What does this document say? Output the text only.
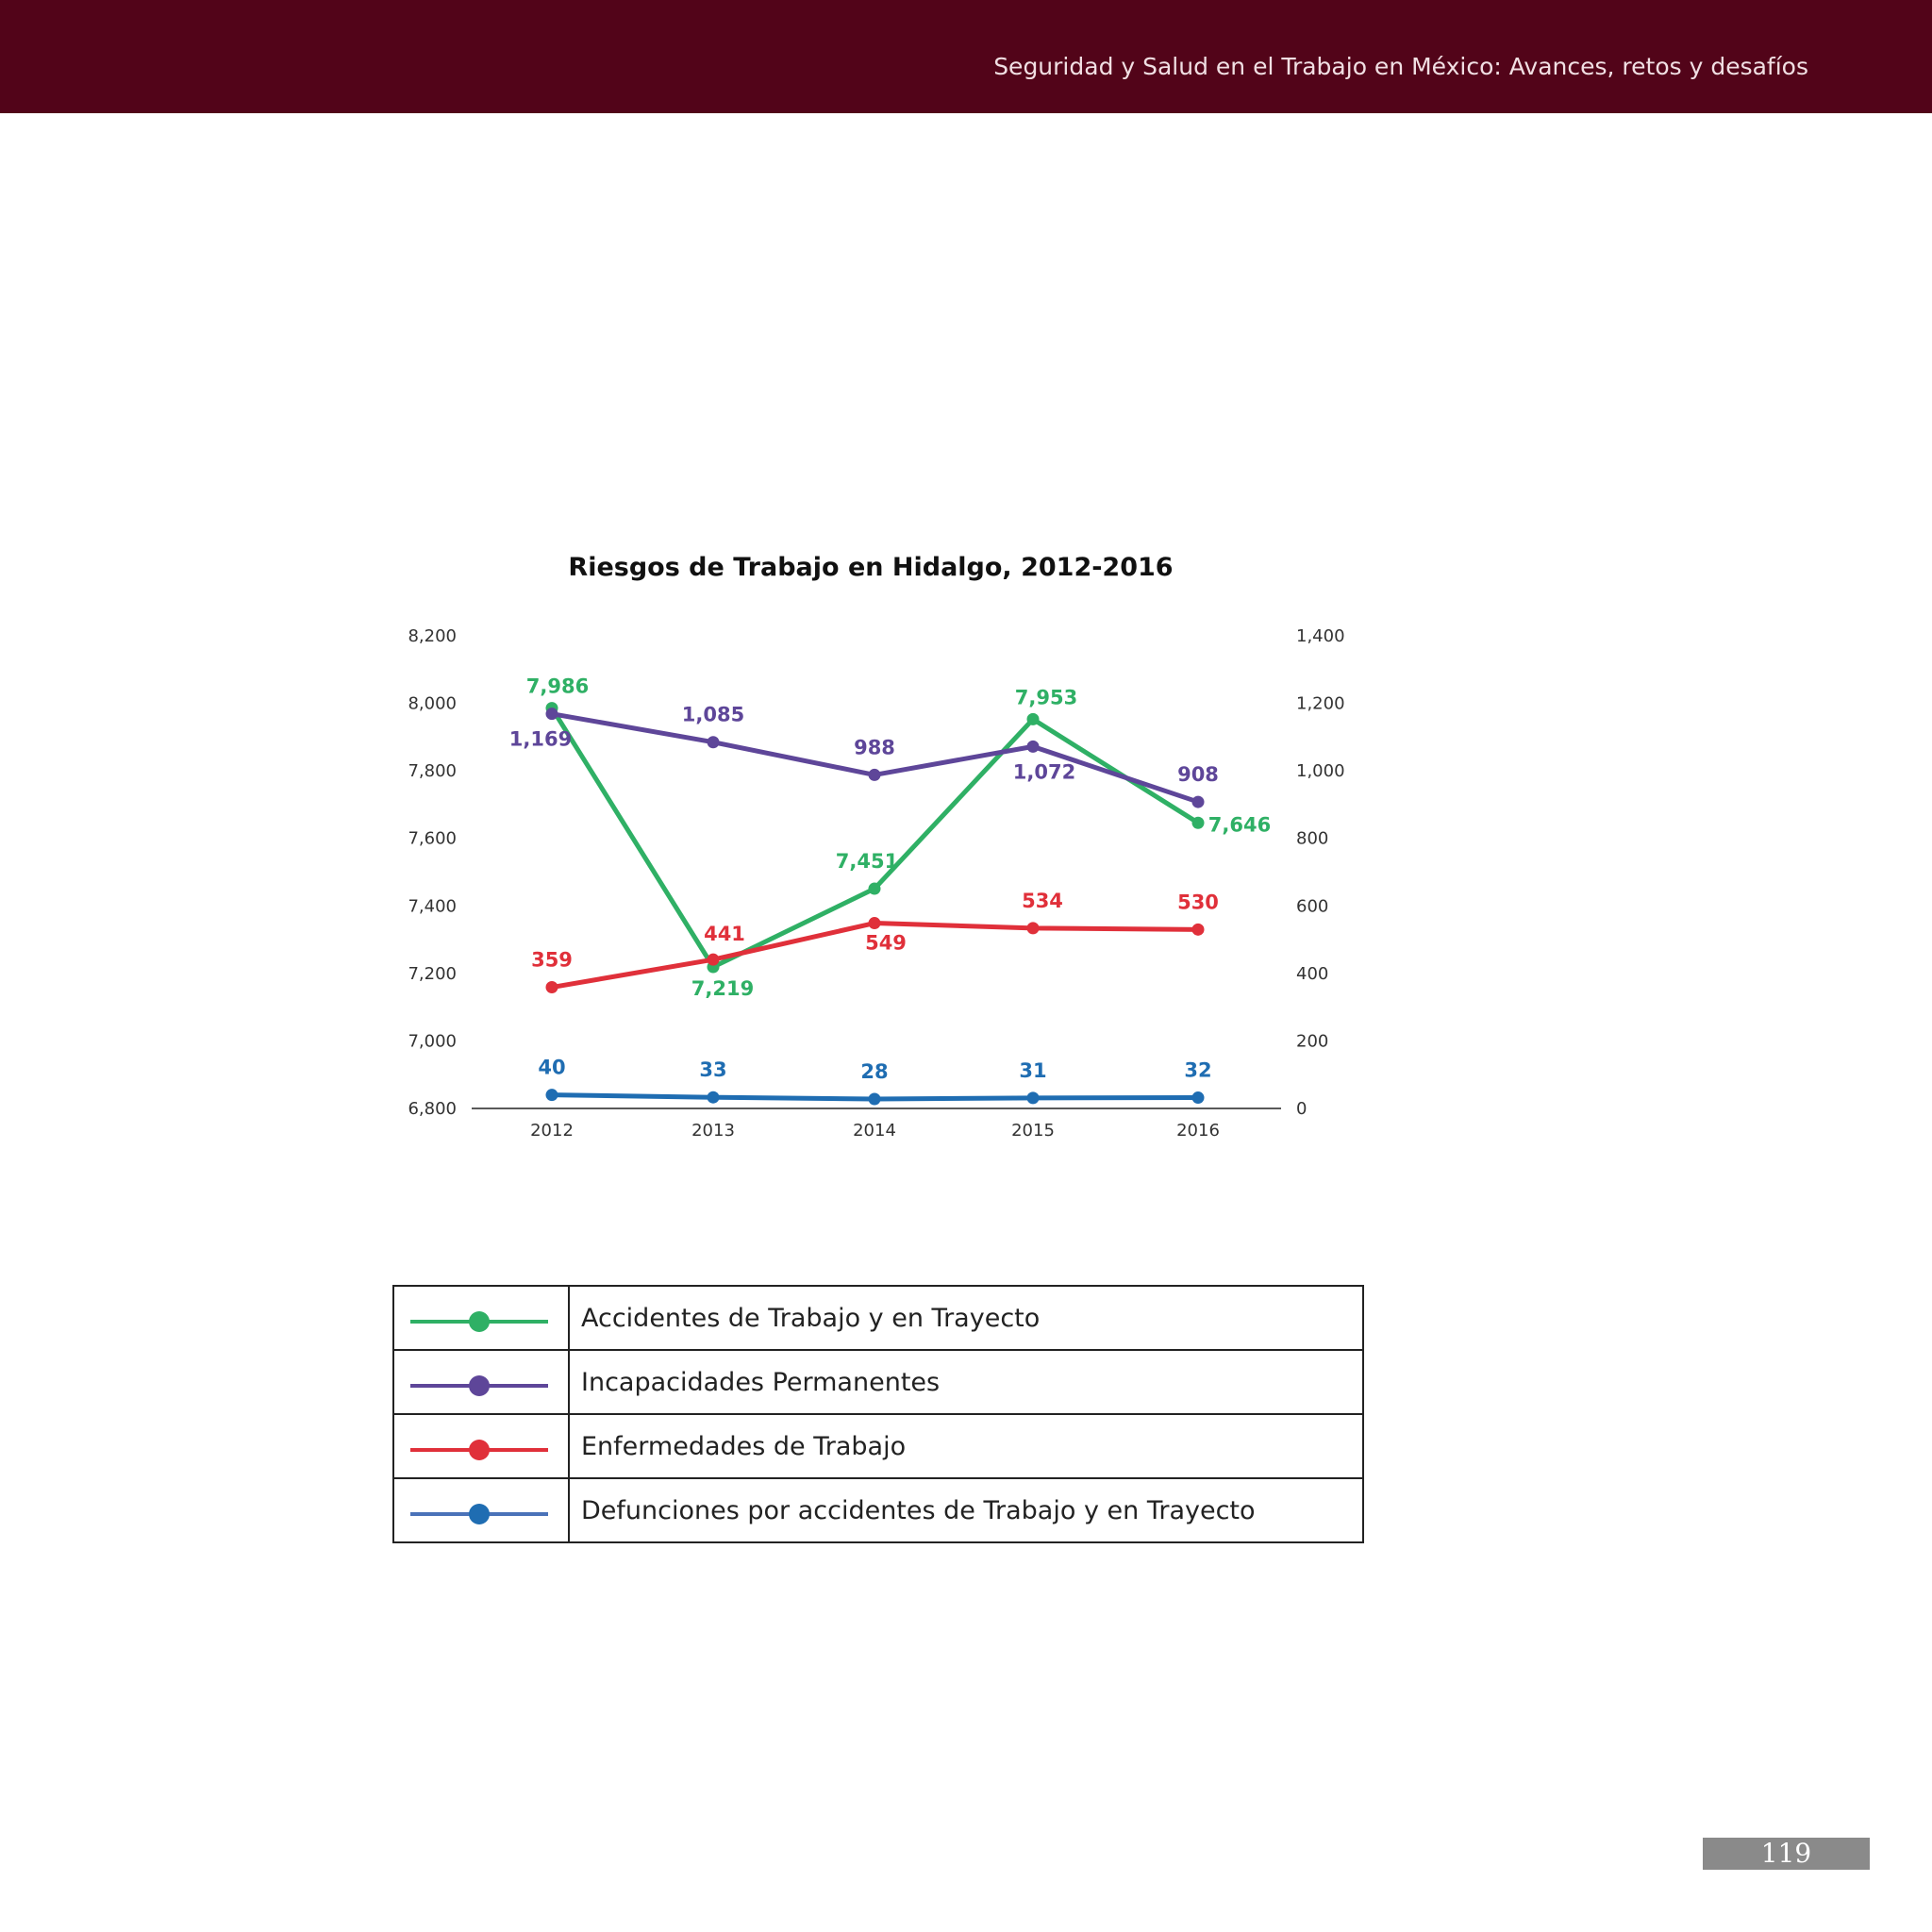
Seguridad y Salud en el Trabajo en México: Avances, retos y desafíos
Riesgos de Trabajo en Hidalgo, 2012-2016
6,800
7,000
7,200
7,400
7,600
7,800
8,000
8,200
0
200
400
600
800
1,000
1,200
1,400
2012	2013	2014	2015	2016
7,986
7,219
7,451
7,953
7,646
1,169
1,085
988
1,072	908
359
441	549
534	530
40	33	28	31	32
	Accidentes de Trabajo y en Trayecto
	Incapacidades Permanentes
	Enfermedades de Trabajo
	Defunciones por accidentes de Trabajo y en Trayecto
119
